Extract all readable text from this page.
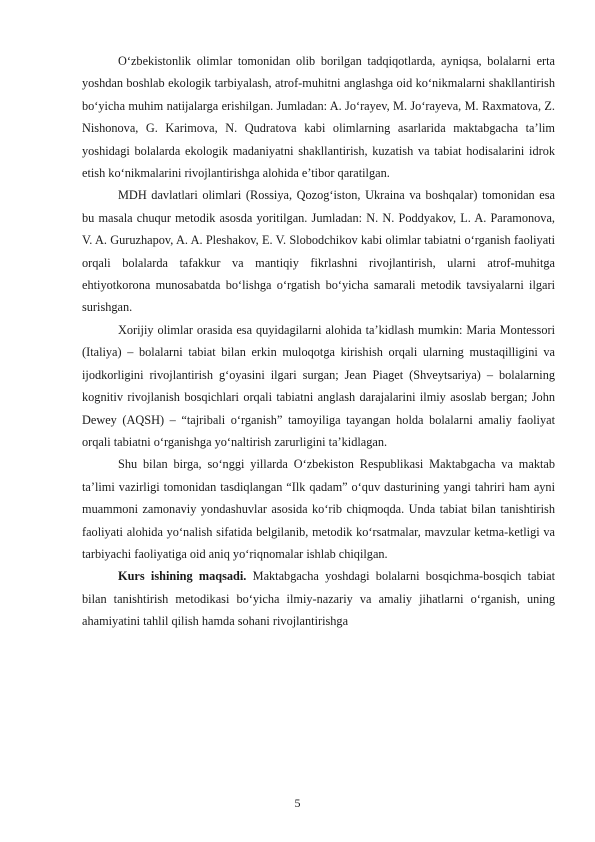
O‘zbekistonlik olimlar tomonidan olib borilgan tadqiqotlarda, ayniqsa, bolalarni erta yoshdan boshlab ekologik tarbiyalash, atrof-muhitni anglashga oid ko‘nikmalarni shakllantirish bo‘yicha muhim natijalarga erishilgan. Jumladan: A. Jo‘rayev, M. Jo‘rayeva, M. Raxmatova, Z. Nishonova, G. Karimova, N. Qudratova kabi olimlarning asarlarida maktabgacha ta’lim yoshidagi bolalarda ekologik madaniyatni shakllantirish, kuzatish va tabiat hodisalarini idrok etish ko‘nikmalarini rivojlantirishga alohida e’tibor qaratilgan.

MDH davlatlari olimlari (Rossiya, Qozog‘iston, Ukraina va boshqalar) tomonidan esa bu masala chuqur metodik asosda yoritilgan. Jumladan: N. N. Poddyakov, L. A. Paramonova, V. A. Guruzhapov, A. A. Pleshakov, E. V. Slobodchikov kabi olimlar tabiatni o‘rganish faoliyati orqali bolalarda tafakkur va mantiqiy fikrlashni rivojlantirish, ularni atrof-muhitga ehtiyotkorona munosabatda bo‘lishga o‘rgatish bo‘yicha samarali metodik tavsiyalarni ilgari surishgan.

Xorijiy olimlar orasida esa quyidagilarni alohida ta’kidlash mumkin: Maria Montessori (Italiya) – bolalarni tabiat bilan erkin muloqotga kirishish orqali ularning mustaqilligini va ijodkorligini rivojlantirish g‘oyasini ilgari surgan; Jean Piaget (Shveytsariya) – bolalarning kognitiv rivojlanish bosqichlari orqali tabiatni anglash darajalarini ilmiy asoslab bergan; John Dewey (AQSH) – “tajribali o‘rganish” tamoyiliga tayangan holda bolalarni amaliy faoliyat orqali tabiatni o‘rganishga yo‘naltirish zarurligini ta’kidlagan.

Shu bilan birga, so‘nggi yillarda O‘zbekiston Respublikasi Maktabgacha va maktab ta’limi vazirligi tomonidan tasdiqlangan “Ilk qadam” o‘quv dasturining yangi tahriri ham ayni muammoni zamonaviy yondashuvlar asosida ko‘rib chiqmoqda. Unda tabiat bilan tanishtirish faoliyati alohida yo‘nalish sifatida belgilanib, metodik ko‘rsatmalar, mavzular ketma-ketligi va tarbiyachi faoliyatiga oid aniq yo‘riqnomalar ishlab chiqilgan.

Kurs ishining maqsadi. Maktabgacha yoshdagi bolalarni bosqichma-bosqich tabiat bilan tanishtirish metodikasi bo‘yicha ilmiy-nazariy va amaliy jihatlarni o‘rganish, uning ahamiyatini tahlil qilish hamda sohani rivojlantirishga

5
